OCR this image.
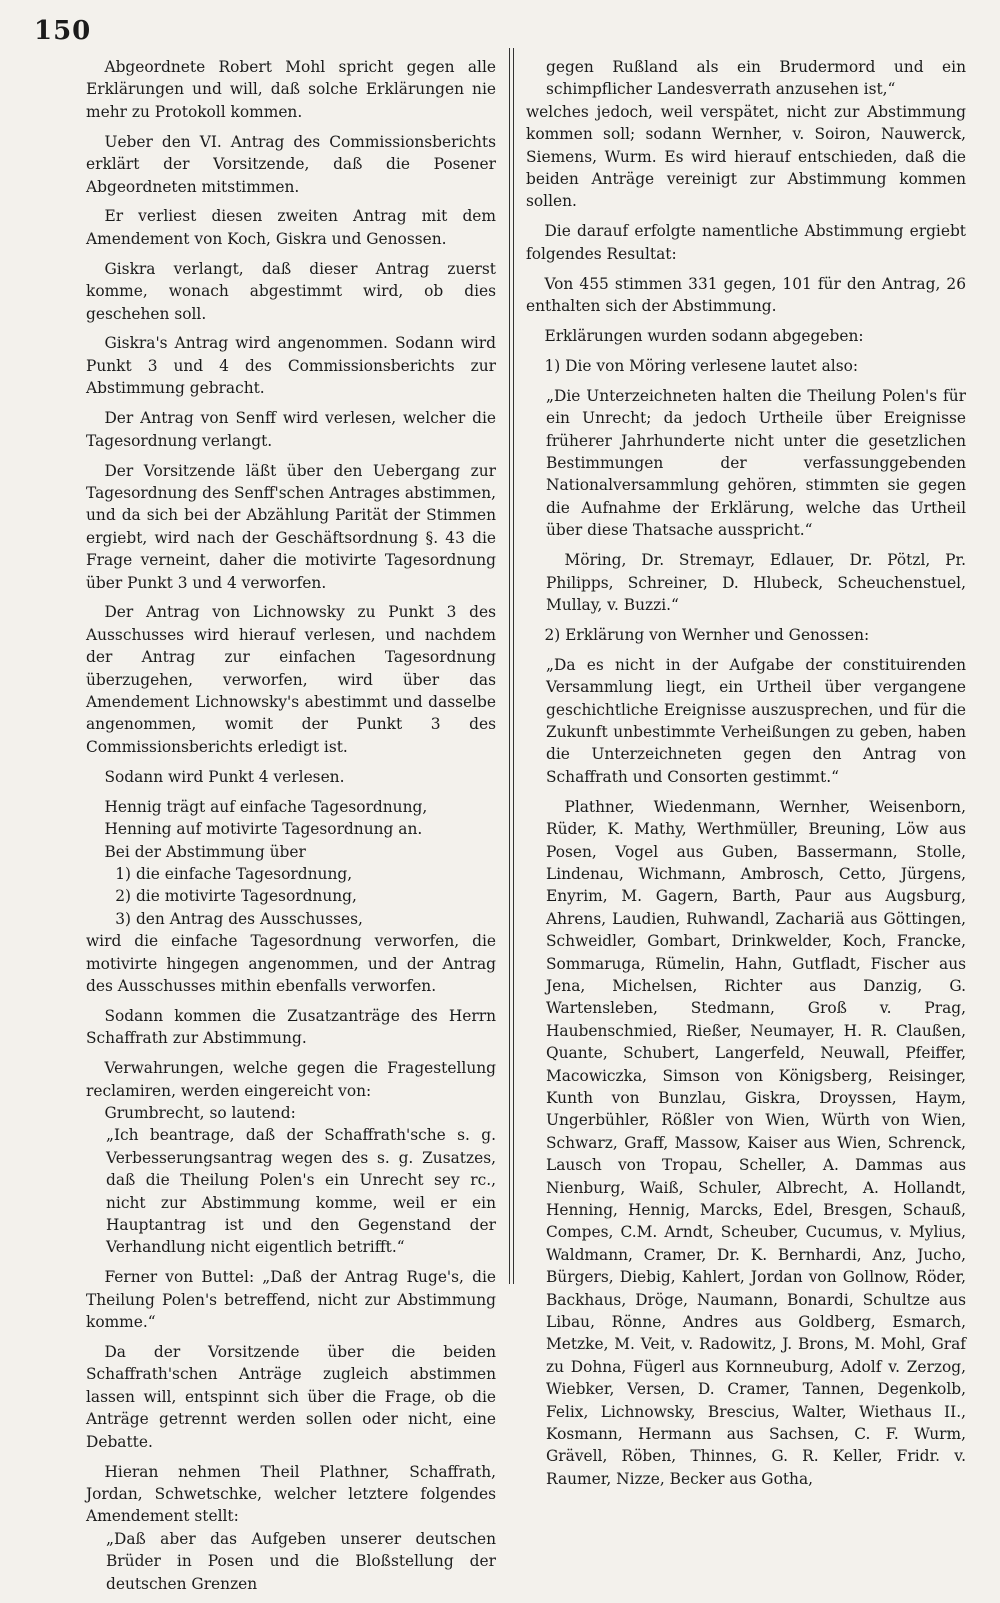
150

Abgeordnete Robert Mohl spricht gegen alle Erklärungen und will, daß solche Erklärungen nie mehr zu Protokoll kommen.

Ueber den VI. Antrag des Commissionsberichts erklärt der Vorsitzende, daß die Posener Abgeordneten mitstimmen.

Er verliest diesen zweiten Antrag mit dem Amendement von Koch, Giskra und Genossen.

Giskra verlangt, daß dieser Antrag zuerst komme, wonach abgestimmt wird, ob dies geschehen soll.

Giskra's Antrag wird angenommen. Sodann wird Punkt 3 und 4 des Commissionsberichts zur Abstimmung gebracht.

Der Antrag von Senff wird verlesen, welcher die Tagesordnung verlangt.

Der Vorsitzende läßt über den Uebergang zur Tagesordnung des Senff'schen Antrages abstimmen, und da sich bei der Abzählung Parität der Stimmen ergiebt, wird nach der Geschäftsordnung §. 43 die Frage verneint, daher die motivirte Tagesordnung über Punkt 3 und 4 verworfen.

Der Antrag von Lichnowsky zu Punkt 3 des Ausschusses wird hierauf verlesen, und nachdem der Antrag zur einfachen Tagesordnung überzugehen, verworfen, wird über das Amendement Lichnowsky's abestimmt und dasselbe angenommen, womit der Punkt 3 des Commissionsberichts erledigt ist.

Sodann wird Punkt 4 verlesen.

Hennig trägt auf einfache Tagesordnung,

Henning auf motivirte Tagesordnung an.

Bei der Abstimmung über

1) die einfache Tagesordnung,
2) die motivirte Tagesordnung,
3) den Antrag des Ausschusses,

wird die einfache Tagesordnung verworfen, die motivirte hingegen angenommen, und der Antrag des Ausschusses mithin ebenfalls verworfen.

Sodann kommen die Zusatzanträge des Herrn Schaffrath zur Abstimmung.

Verwahrungen, welche gegen die Fragestellung reclamiren, werden eingereicht von:

Grumbrecht, so lautend:

„Ich beantrage, daß der Schaffrath'sche s. g. Verbesserungsantrag wegen des s. g. Zusatzes, daß die Theilung Polen's ein Unrecht sey rc., nicht zur Abstimmung komme, weil er ein Hauptantrag ist und den Gegenstand der Verhandlung nicht eigentlich betrifft.“

Ferner von Buttel: „Daß der Antrag Ruge's, die Theilung Polen's betreffend, nicht zur Abstimmung komme.“

Da der Vorsitzende über die beiden Schaffrath'schen Anträge zugleich abstimmen lassen will, entspinnt sich über die Frage, ob die Anträge getrennt werden sollen oder nicht, eine Debatte.

Hieran nehmen Theil Plathner, Schaffrath, Jordan, Schwetschke, welcher letztere folgendes Amendement stellt:

„Daß aber das Aufgeben unserer deutschen Brüder in Posen und die Bloßstellung der deutschen Grenzen

gegen Rußland als ein Brudermord und ein schimpflicher Landesverrath anzusehen ist,“

welches jedoch, weil verspätet, nicht zur Abstimmung kommen soll; sodann Wernher, v. Soiron, Nauwerck, Siemens, Wurm. Es wird hierauf entschieden, daß die beiden Anträge vereinigt zur Abstimmung kommen sollen.

Die darauf erfolgte namentliche Abstimmung ergiebt folgendes Resultat:

Von 455 stimmen 331 gegen, 101 für den Antrag, 26 enthalten sich der Abstimmung.

Erklärungen wurden sodann abgegeben:

1) Die von Möring verlesene lautet also:

„Die Unterzeichneten halten die Theilung Polen's für ein Unrecht; da jedoch Urtheile über Ereignisse früherer Jahrhunderte nicht unter die gesetzlichen Bestimmungen der verfassunggebenden Nationalversammlung gehören, stimmten sie gegen die Aufnahme der Erklärung, welche das Urtheil über diese Thatsache ausspricht.“

Möring, Dr. Stremayr, Edlauer, Dr. Pötzl, Pr. Philipps, Schreiner, D. Hlubeck, Scheuchenstuel, Mullay, v. Buzzi.“

2) Erklärung von Wernher und Genossen:

„Da es nicht in der Aufgabe der constituirenden Versammlung liegt, ein Urtheil über vergangene geschichtliche Ereignisse auszusprechen, und für die Zukunft unbestimmte Verheißungen zu geben, haben die Unterzeichneten gegen den Antrag von Schaffrath und Consorten gestimmt.“

Plathner, Wiedenmann, Wernher, Weisenborn, Rüder, K. Mathy, Werthmüller, Breuning, Löw aus Posen, Vogel aus Guben, Bassermann, Stolle, Lindenau, Wichmann, Ambrosch, Cetto, Jürgens, Enyrim, M. Gagern, Barth, Paur aus Augsburg, Ahrens, Laudien, Ruhwandl, Zachariä aus Göttingen, Schweidler, Gombart, Drinkwelder, Koch, Francke, Sommaruga, Rümelin, Hahn, Gutfladt, Fischer aus Jena, Michelsen, Richter aus Danzig, G. Wartensleben, Stedmann, Groß v. Prag, Haubenschmied, Rießer, Neumayer, H. R. Claußen, Quante, Schubert, Langerfeld, Neuwall, Pfeiffer, Macowiczka, Simson von Königsberg, Reisinger, Kunth von Bunzlau, Giskra, Droyssen, Haym, Ungerbühler, Rößler von Wien, Würth von Wien, Schwarz, Graff, Massow, Kaiser aus Wien, Schrenck, Lausch von Tropau, Scheller, A. Dammas aus Nienburg, Waiß, Schuler, Albrecht, A. Hollandt, Henning, Hennig, Marcks, Edel, Bresgen, Schauß, Compes, C.M. Arndt, Scheuber, Cucumus, v. Mylius, Waldmann, Cramer, Dr. K. Bernhardi, Anz, Jucho, Bürgers, Diebig, Kahlert, Jordan von Gollnow, Röder, Backhaus, Dröge, Naumann, Bonardi, Schultze aus Libau, Rönne, Andres aus Goldberg, Esmarch, Metzke, M. Veit, v. Radowitz, J. Brons, M. Mohl, Graf zu Dohna, Fügerl aus Kornneuburg, Adolf v. Zerzog, Wiebker, Versen, D. Cramer, Tannen, Degenkolb, Felix, Lichnowsky, Brescius, Walter, Wiethaus II., Kosmann, Hermann aus Sachsen, C. F. Wurm, Grävell, Röben, Thinnes, G. R. Keller, Fridr. v. Raumer, Nizze, Becker aus Gotha,
